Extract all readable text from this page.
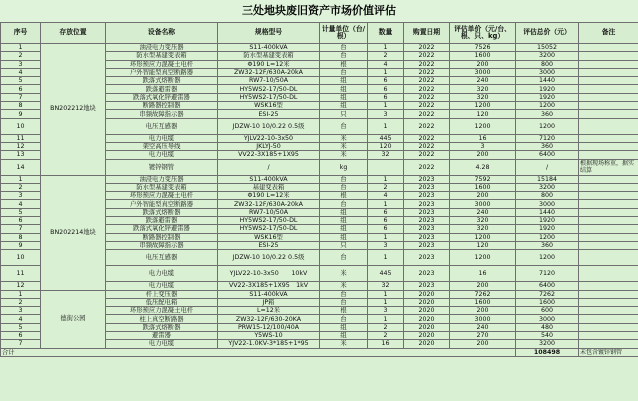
三处地块废旧资产市场价值评估
序号	存放位置	设备名称	规格型号	计量单位（台/根）	数量	购置日期	评估单价（元/台、根、只、kg）	评估总价（元）	备注
1	BN202212地块	油浸电力变压器	S11-400kVA	台	1	2022	7526	15052	
2		防水型基建变表箱	防水型基建变表箱	台	2	2022	1600	3200	
3		环形预应力混凝土电杆	Φ190 L=12米	根	4	2022	200	800	
4		户外智能型真空断路器	ZW32-12F/630A-20kA	台	1	2022	3000	3000	
5		跌落式熔断器	RW7-10/50A	组	6	2022	240	1440	
6		跌落避雷器	HY5WS2-17/50-DL	组	6	2022	320	1920	
7		跌落式氧化锌避雷器	HY5WS2-17/50-DL	组	6	2022	320	1920	
8		断路器控制器	WSK16型	组	1	2022	1200	1200	
9		串频故障指示器	ESI-25	只	3	2022	120	360	
10		电压互感器	JDZW-10 10/0.22 0.5级	台	1	2022	1200	1200	
11		电力电缆	YJLV22-10-3x50	米	445	2022	16	7120	
12		架空高压导线	JKLYJ-50	米	120	2022	3	360	
13		电力电缆	VV22-3X185+1X95	米	32	2022	200	6400	
14		镀锌钢管	/	kg		2022	4.28	/	根据现场称重，据实结算
1	BN202214地块	油浸电力变压器	S11-400kVA	台	1	2023	7592	15184	
2		防水型基建变表箱	基建变表箱	台	2	2023	1600	3200	
3		环形预应力混凝土电杆	Φ190 L=12米	根	4	2023	200	800	
4		户外智能型真空断路器	ZW32-12F/630A-20kA	台	1	2023	3000	3000	
5		跌落式熔断器	RW7-10/50A	组	6	2023	240	1440	
6		跌落避雷器	HY5WS2-17/50-DL	组	6	2023	320	1920	
7		跌落式氧化锌避雷器	HY5WS2-17/50-DL	组	6	2023	320	1920	
8		断路器控制器	WSK16型	组	1	2023	1200	1200	
9		串频故障指示器	ESI-25	只	3	2023	120	360	
10		电压互感器	JDZW-10 10/0.22 0.5级	台	1	2023	1200	1200	
11		电力电缆	YJLV22-10-3x50　　10kV	米	445	2023	16	7120	
12		电力电缆	VV22-3X185+1X95　1kV	米	32	2023	200	6400	
1	德街公园	杆上变压器	S11-400kVA	台	1	2020	7262	7262	
2		低压配电箱	JP箱	台	1	2020	1600	1600	
3		环形预应力混凝土电杆	L=12米	根	3	2020	200	600	
4		柱上真空断路器	ZW32-12F/630-20KA	台	1	2020	3000	3000	
5		跌落式熔断器	PRW15-12/100/40A	组	2	2020	240	480	
6		避雷器	Y5WS-10	组	2	2020	270	540	
7		电力电缆	YJV22-1.0KV-3*185+1*95	米	16	2020	200	3200	
合计								108498	未包含镀锌钢管
